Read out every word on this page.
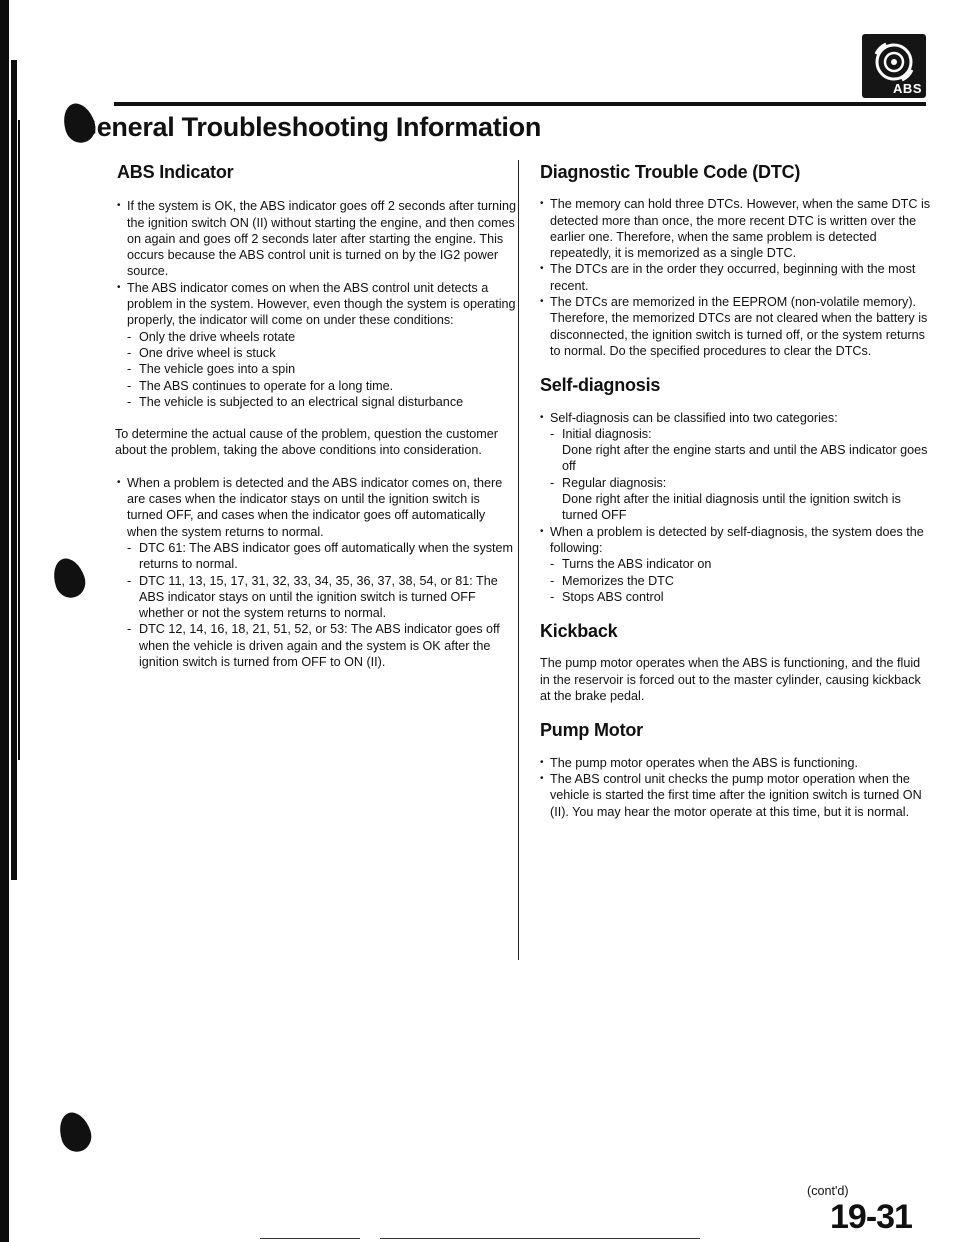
ABS
General Troubleshooting Information
ABS Indicator
• If the system is OK, the ABS indicator goes off 2 seconds after turning the ignition switch ON (II) without starting the engine, and then comes on again and goes off 2 seconds later after starting the engine. This occurs because the ABS control unit is turned on by the IG2 power source.
• The ABS indicator comes on when the ABS control unit detects a problem in the system. However, even though the system is operating properly, the indicator will come on under these conditions:
- Only the drive wheels rotate
- One drive wheel is stuck
- The vehicle goes into a spin
- The ABS continues to operate for a long time.
- The vehicle is subjected to an electrical signal disturbance

To determine the actual cause of the problem, question the customer about the problem, taking the above conditions into consideration.

• When a problem is detected and the ABS indicator comes on, there are cases when the indicator stays on until the ignition switch is turned OFF, and cases when the indicator goes off automatically when the system returns to normal.
- DTC 61: The ABS indicator goes off automatically when the system returns to normal.
- DTC 11, 13, 15, 17, 31, 32, 33, 34, 35, 36, 37, 38, 54, or 81: The ABS indicator stays on until the ignition switch is turned OFF whether or not the system returns to normal.
- DTC 12, 14, 16, 18, 21, 51, 52, or 53: The ABS indicator goes off when the vehicle is driven again and the system is OK after the ignition switch is turned from OFF to ON (II).
Diagnostic Trouble Code (DTC)
• The memory can hold three DTCs. However, when the same DTC is detected more than once, the more recent DTC is written over the earlier one. Therefore, when the same problem is detected repeatedly, it is memorized as a single DTC.
• The DTCs are in the order they occurred, beginning with the most recent.
• The DTCs are memorized in the EEPROM (non-volatile memory). Therefore, the memorized DTCs are not cleared when the battery is disconnected, the ignition switch is turned off, or the system returns to normal. Do the specified procedures to clear the DTCs.
Self-diagnosis
• Self-diagnosis can be classified into two categories:
- Initial diagnosis:
Done right after the engine starts and until the ABS indicator goes off
- Regular diagnosis:
Done right after the initial diagnosis until the ignition switch is turned OFF
• When a problem is detected by self-diagnosis, the system does the following:
- Turns the ABS indicator on
- Memorizes the DTC
- Stops ABS control
Kickback

The pump motor operates when the ABS is functioning, and the fluid in the reservoir is forced out to the master cylinder, causing kickback at the brake pedal.

Pump Motor
• The pump motor operates when the ABS is functioning.
• The ABS control unit checks the pump motor operation when the vehicle is started the first time after the ignition switch is turned ON (II). You may hear the motor operate at this time, but it is normal.
(cont'd)
19-31
